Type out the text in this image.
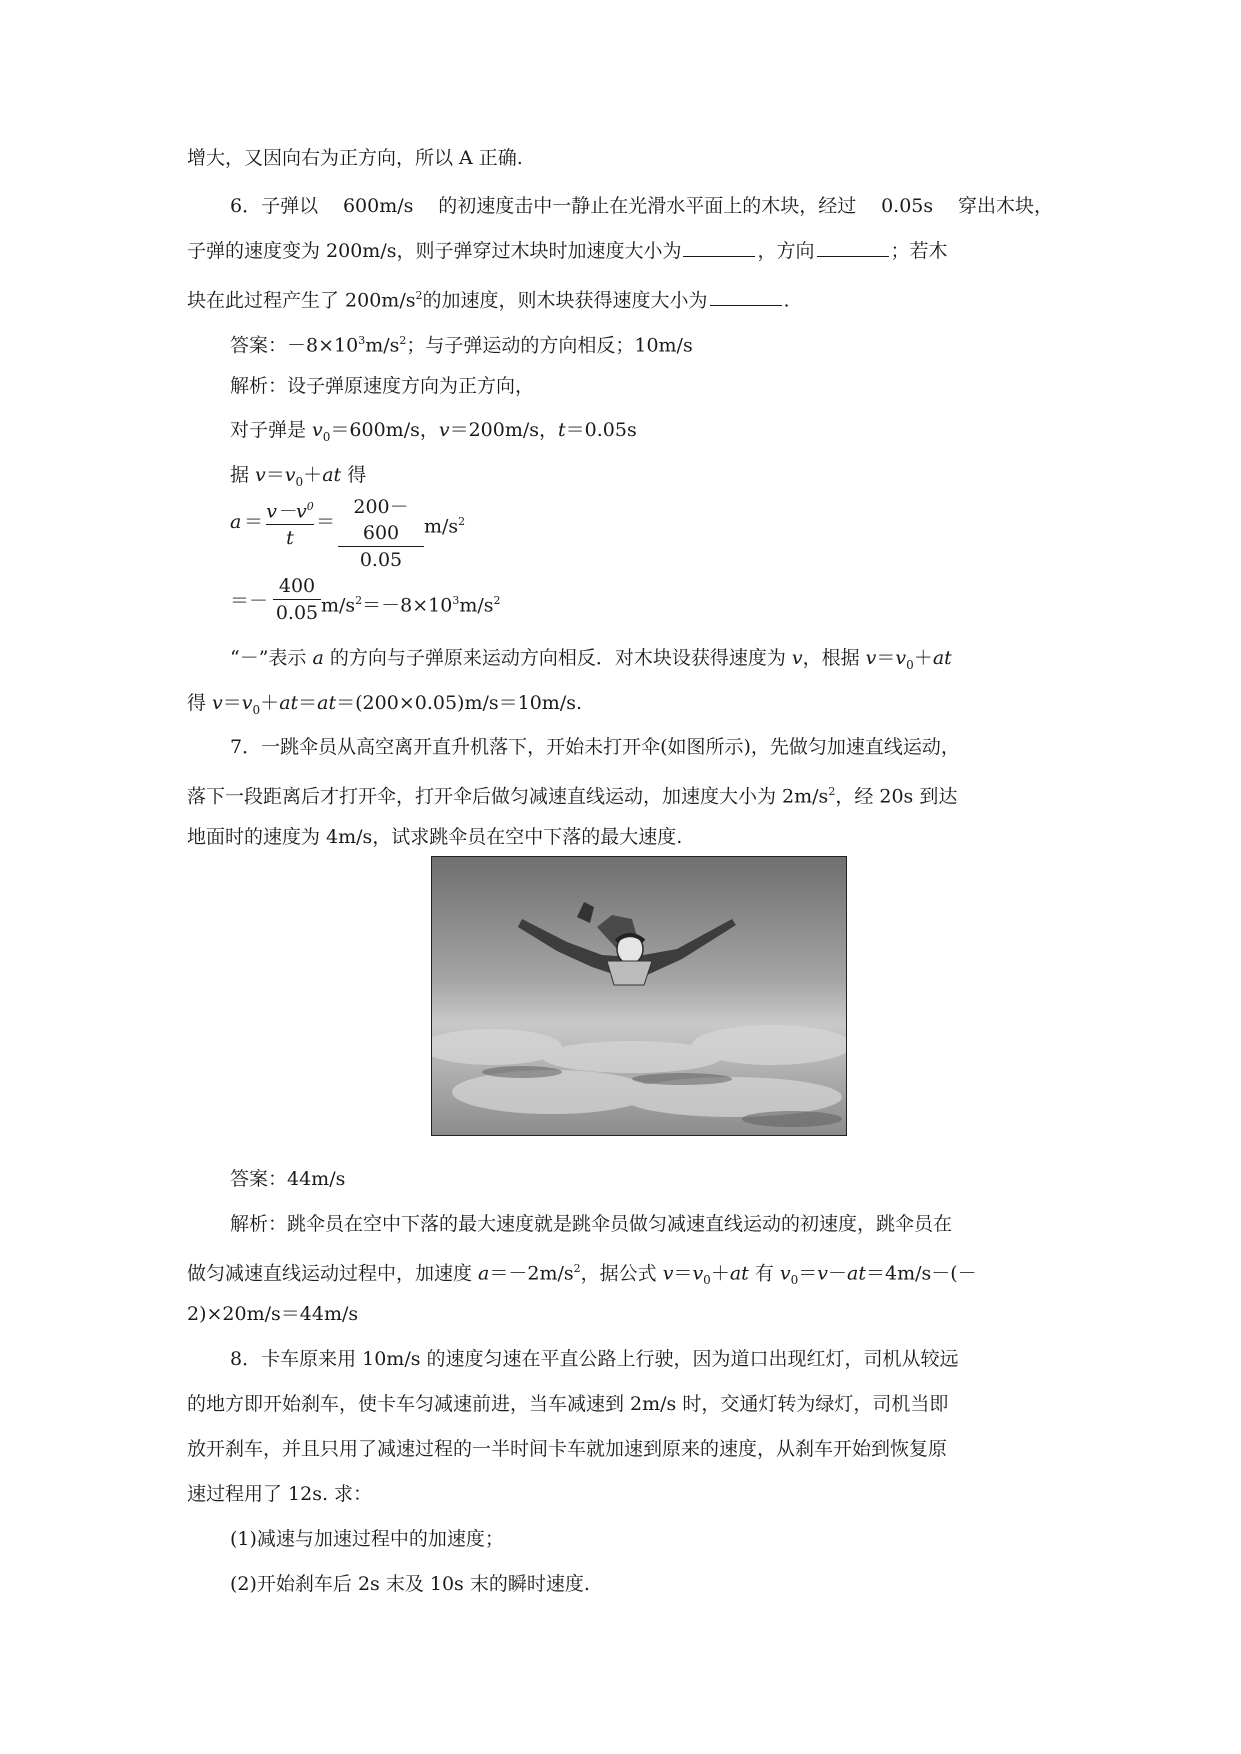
增大，又因向右为正方向，所以 A 正确.
6．子弹以 600m/s 的初速度击中一静止在光滑水平面上的木块，经过 0.05s 穿出木块，
子弹的速度变为 200m/s，则子弹穿过木块时加速度大小为	，方向	；若木
块在此过程产生了 $200m/s^2$的加速度，则木块获得速度大小为	.
答案：$-8\times 10^3m/s^2$；与子弹运动的方向相反；10m/s
解析：设子弹原速度方向为正方向，
对子弹是 $v_0=600m/s$，v＝200m/s，t＝0.05s
据 $v=v_0+at$ 得
$a = v-v^0$
t
＝
200－600
0.05
$m/s^2$
＝－
400
0.05 $m/s^2=-8\times 10^3m/s^2$
“－”表示 a 的方向与子弹原来运动方向相反．对木块设获得速度为 v，根据 $v=v_0+at$
得 $v=v_0+at=at=(200\times 0.05)m/s=10m/s$.
7．一跳伞员从高空离开直升机落下，开始未打开伞(如图所示)，先做匀加速直线运动，
落下一段距离后才打开伞，打开伞后做匀减速直线运动，加速度大小为 $2m/s^2$，经 20s 到达
地面时的速度为 4m/s，试求跳伞员在空中下落的最大速度.
答案：44m/s
解析：跳伞员在空中下落的最大速度就是跳伞员做匀减速直线运动的初速度，跳伞员在
做匀减速直线运动过程中，加速度 $a=-2m/s^2$，据公式 $v=v_0+at$ 有 $v_0=v-at=4m/s-(-$
2)×20m/s＝44m/s
8．卡车原来用 10m/s 的速度匀速在平直公路上行驶，因为道口出现红灯，司机从较远
的地方即开始刹车，使卡车匀减速前进，当车减速到 2m/s 时，交通灯转为绿灯，司机当即
放开刹车，并且只用了减速过程的一半时间卡车就加速到原来的速度，从刹车开始到恢复原
速过程用了 12s. 求：
(1)减速与加速过程中的加速度；
(2)开始刹车后 2s 末及 10s 末的瞬时速度.
